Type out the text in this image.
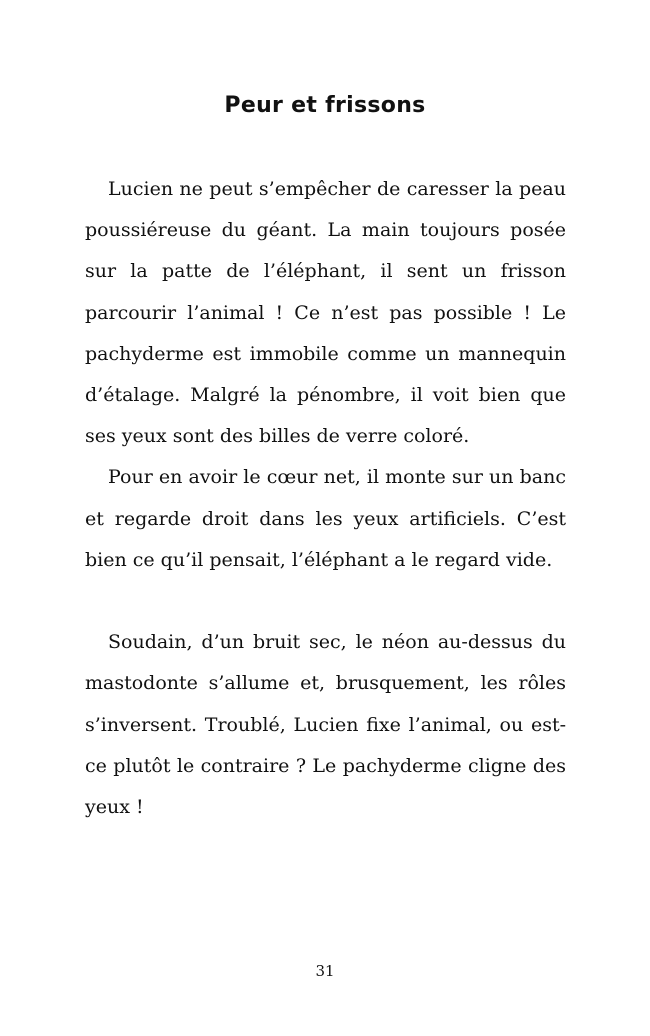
Peur et frissons

Lucien ne peut s’empêcher de caresser la peau poussiéreuse du géant. La main toujours posée sur la patte de l’éléphant, il sent un frisson parcourir l’animal ! Ce n’est pas possible ! Le pachyderme est immobile comme un mannequin d’étalage. Malgré la pénombre, il voit bien que ses yeux sont des billes de verre coloré.

Pour en avoir le cœur net, il monte sur un banc et regarde droit dans les yeux artificiels. C’est bien ce qu’il pensait, l’éléphant a le regard vide.

Soudain, d’un bruit sec, le néon au-dessus du mastodonte s’allume et, brusquement, les rôles s’inversent. Troublé, Lucien fixe l’animal, ou est-ce plutôt le contraire ? Le pachyderme cligne des yeux !

31
